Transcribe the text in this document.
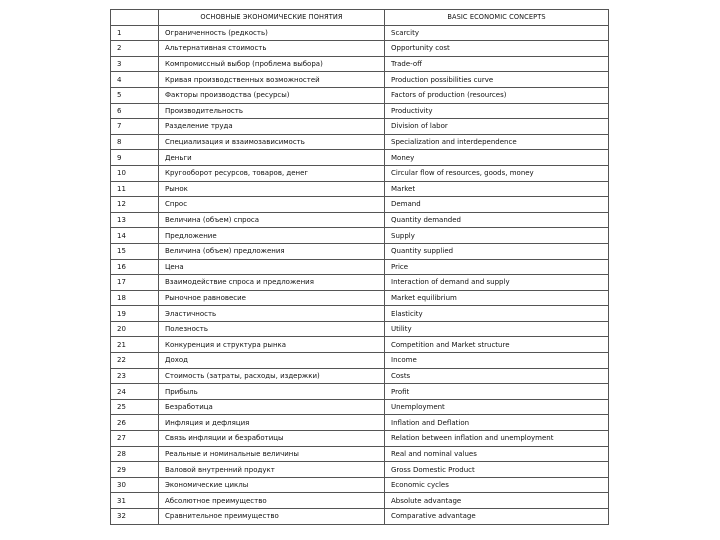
	ОСНОВНЫЕ ЭКОНОМИЧЕСКИЕ ПОНЯТИЯ	BASIC ECONOMIC CONCEPTS
1	Ограниченность (редкость)	Scarcity
2	Альтернативная стоимость	Opportunity cost
3	Компромиссный выбор (проблема выбора)	Trade-off
4	Кривая производственных возможностей	Production possibilities curve
5	Факторы производства (ресурсы)	Factors of production (resources)
6	Производительность	Productivity
7	Разделение труда	Division of labor
8	Специализация и взаимозависимость	Specialization and interdependence
9	Деньги	Money
10	Кругооборот ресурсов, товаров, денег	Circular flow of resources, goods, money
11	Рынок	Market
12	Спрос	Demand
13	Величина (объем) спроса	Quantity demanded
14	Предложение	Supply
15	Величина (объем) предложения	Quantity supplied
16	Цена	Price
17	Взаимодействие спроса и предложения	Interaction of demand and supply
18	Рыночное равновесие	Market equilibrium
19	Эластичность	Elasticity
20	Полезность	Utility
21	Конкуренция и структура рынка	Competition and Market structure
22	Доход	Income
23	Стоимость (затраты, расходы, издержки)	Costs
24	Прибыль	Profit
25	Безработица	Unemployment
26	Инфляция и дефляция	Inflation and Deflation
27	Связь инфляции и безработицы	Relation between inflation and unemployment
28	Реальные и номинальные величины	Real and nominal values
29	Валовой внутренний продукт	Gross Domestic Product
30	Экономические циклы	Economic cycles
31	Абсолютное преимущество	Absolute advantage
32	Сравнительное преимущество	Comparative advantage
